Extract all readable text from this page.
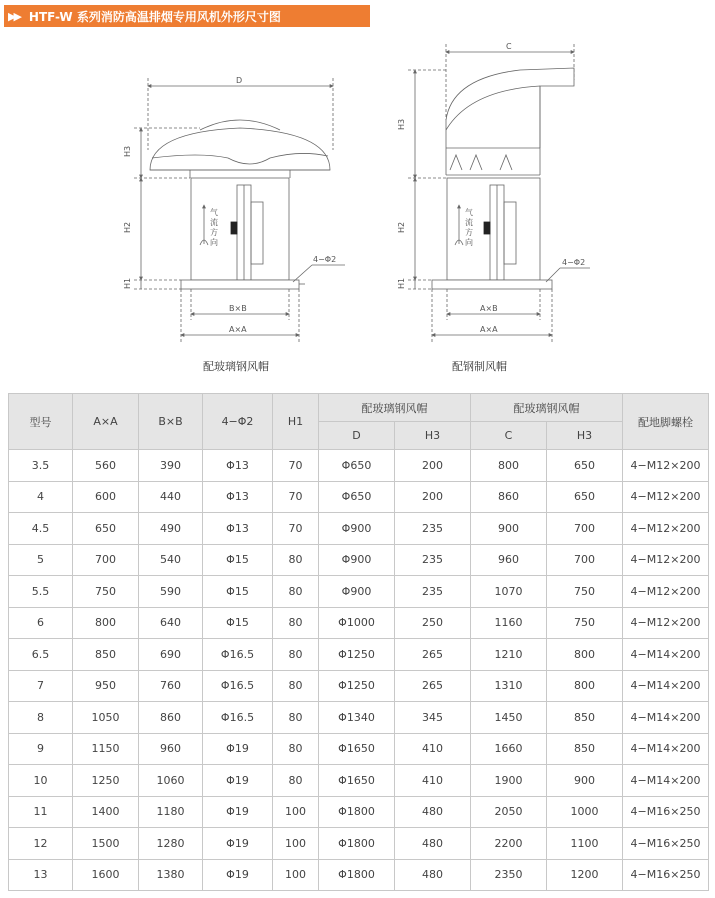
▶▶ HTF-W 系列消防高温排烟专用风机外形尺寸图
D
H3
H2
H1
B×B
A×A
4−Φ2
气
流
方
向
C
H3
H2
H1
A×B
A×A
4−Φ2
气
流
方
向
配玻璃钢风帽	配钢制风帽
型号	A×A	B×B	4−Φ2	H1	配玻璃钢风帽		配玻璃钢风帽		配地脚螺栓
					D	H3	C	H3	
3.5	560	390	Φ13	70	Φ650	200	800	650	4−M12×200
4	600	440	Φ13	70	Φ650	200	860	650	4−M12×200
4.5	650	490	Φ13	70	Φ900	235	900	700	4−M12×200
5	700	540	Φ15	80	Φ900	235	960	700	4−M12×200
5.5	750	590	Φ15	80	Φ900	235	1070	750	4−M12×200
6	800	640	Φ15	80	Φ1000	250	1160	750	4−M12×200
6.5	850	690	Φ16.5	80	Φ1250	265	1210	800	4−M14×200
7	950	760	Φ16.5	80	Φ1250	265	1310	800	4−M14×200
8	1050	860	Φ16.5	80	Φ1340	345	1450	850	4−M14×200
9	1150	960	Φ19	80	Φ1650	410	1660	850	4−M14×200
10	1250	1060	Φ19	80	Φ1650	410	1900	900	4−M14×200
11	1400	1180	Φ19	100	Φ1800	480	2050	1000	4−M16×250
12	1500	1280	Φ19	100	Φ1800	480	2200	1100	4−M16×250
13	1600	1380	Φ19	100	Φ1800	480	2350	1200	4−M16×250
